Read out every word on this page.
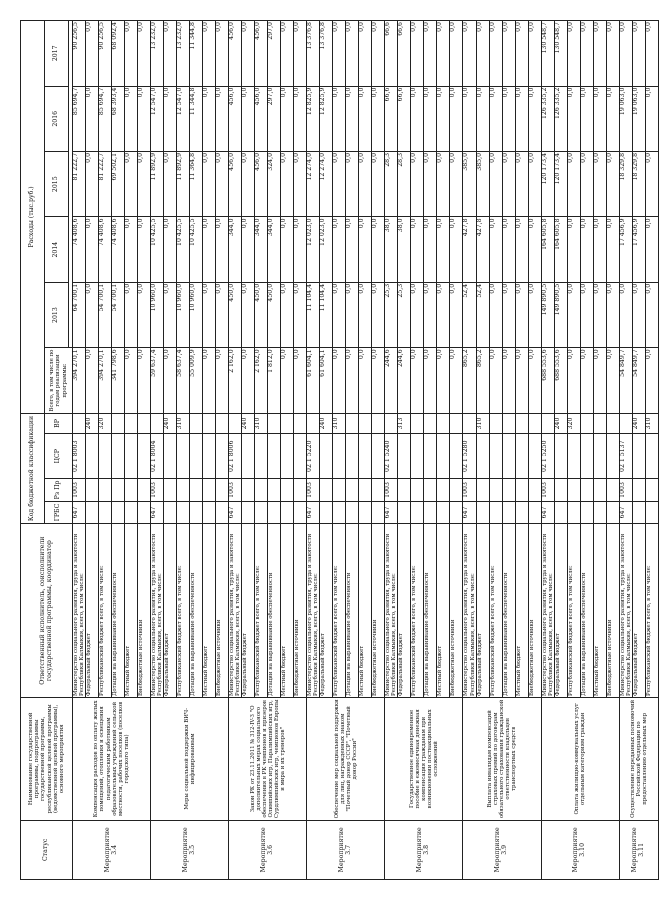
Статус	Наименование государственной программы, подпрограммы государственной программы, республиканской целевой программы (ведомственной целевой программы), основного мероприятия	Ответственный исполнитель, соисполнители государственной программы, координатор	Код бюджетной классификации				Расходы (тыс.руб.)					
			ГРБС	Рз Пр	ЦСР	ВР	Всего, в том числе по годам реализации программы:	2013	2014	2015	2016	2017

Мероприятие 3.4	Компенсация расходов по оплату жилых помещений, отопления и освещения педагогическим работникам образовательных учреждений сельской местности, рабочих поселков (поселков городского типа)	Министерство социального развития, труда и занятости Республики Калмыкия, всего, в том числе:	647	1003	02 1 8003		394 270,1	64 700,1	74 408,6	81 222,7	85 694,7	90 256,5
		Федеральный бюджет				240	0,0	0,0	0,0	0,0	0,0	0,0
		Республиканский бюджет всего, в том числе:				320	394 270,1	54 700,1	74 408,6	81 222,7	85 694,7	90 256,5
		Дотации на выравнивание обеспеченности					341 798,6	54 700,1	74 408,6	69 502,1	68 393,4	68 092,4
		Местный бюджет					0,0	0,0	0,0	0,0	0,0	0,0
		Внебюджетные источники					0,0	0,0	0,0	0,0	0,0	0,0
Мероприятие 3.5	Меры социальной поддержки ВИЧ-инфицированным	Министерство социального развития, труда и занятости Республики Калмыкия, всего, в том числе:	647	1003	02 1 8004		59 637,4	10 960,0	10 425,5	11 892,9	12 547,0	13 232,0
		Федеральный бюджет				240	0,0	0,0	0,0	0,0	0,0	0,0
		Республиканский бюджет всего, в том числе:				310	58 637,4	10 960,0	10 425,5	11 892,9	12 547,0	13 232,0
		Дотации на выравнивание обеспеченности					55 009,9	10 960,0	10 425,5	11 364,8	11 344,8	11 344,8
		Местный бюджет					0,0	0,0	0,0	0,0	0,0	0,0
		Внебюджетные источники					0,0	0,0	0,0	0,0	0,0	0,0
Мероприятие 3.6	Закон РК от 23.11.2011 № 312-IV-З "О дополнительных мерах социального обеспечения в РК чемпионов и призеров Олимпийских игр, Паралимпийских игр, Сурдлимпийских игр, чемпионов Европы и мира и их тренеров"	Министерство социального развития, труда и занятости Республики Калмыкия, всего, в том числе:	647	1003	02 1 8006		2 162,0	450,0	344,0	456,0	456,0	456,0
		Федеральный бюджет				240	0,0	0,0	0,0	0,0	0,0	0,0
		Республиканский бюджет всего, в том числе:				310	2 162,0	450,0	344,0	456,0	456,0	456,0
		Дотации на выравнивание обеспеченности					1 812,0	450,0	344,0	324,0	297,0	297,0
		Местный бюджет					0,0	0,0	0,0	0,0	0,0	0,0
		Внебюджетные источники					0,0	0,0	0,0	0,0	0,0	0,0
Мероприятие 3.7	Обеспечение мер социальной поддержки для лиц, награжденных знаком "Почетный донор СССР", "Почетный донор России"	Министерство социального развития, труда и занятости Республики Калмыкия, всего, в том числе:	647	1003	02 1 5220		61 604,1	11 104,4	12 023,0	12 274,0	12 825,9	13 376,8
		Федеральный бюджет				240	61 604,1	11 104,4	12 023,0	12 274,0	12 825,9	13 376,8
		Республиканский бюджет всего, в том числе:				310	0,0	0,0	0,0	0,0	0,0	0,0
		Дотации на выравнивание обеспеченности					0,0	0,0	0,0	0,0	0,0	0,0
		Местный бюджет					0,0	0,0	0,0	0,0	0,0	0,0
		Внебюджетные источники					0,0	0,0	0,0	0,0	0,0	0,0
Мероприятие 3.8	Государственное единовременное пособие и ежемесячная денежная компенсация гражданам при возникновении поствакцинальных осложнений	Министерство социального развития, труда и занятости Республики Калмыкия, всего, в том числе:	647	1003	02 1 5240		244,6	25,3	38,0	28,3	66,6	66,6
		Федеральный бюджет				313	244,6	25,3	38,0	28,3	66,6	66,6
		Республиканский бюджет всего, в том числе:					0,0	0,0	0,0	0,0	0,0	0,0
		Дотации на выравнивание обеспеченности					0,0	0,0	0,0	0,0	0,0	0,0
		Местный бюджет					0,0	0,0	0,0	0,0	0,0	0,0
		Внебюджетные источники					0,0	0,0	0,0	0,0	0,0	0,0
Мероприятие 3.9	Выплата инвалидам компенсаций страховых премий по договорам обязательного страхования гражданской ответственности владельцев транспортных средств	Министерство социального развития, труда и занятости Республики Калмыкия, всего, в том числе:	647	1003	02 1 5280		865,2	52,4	427,8	385,0	0,0	0,0
		Федеральный бюджет				310	865,2	52,4	427,8	385,0	0,0	0,0
		Республиканский бюджет всего, в том числе:					0,0	0,0	0,0	0,0	0,0	0,0
		Дотации на выравнивание обеспеченности					0,0	0,0	0,0	0,0	0,0	0,0
		Местный бюджет					0,0	0,0	0,0	0,0	0,0	0,0
		Внебюджетные источники					0,0	0,0	0,0	0,0	0,0	0,0
Мероприятие 3.10	Оплата жилищно-коммунальных услуг отдельным категориям граждан	Министерство социального развития, труда и занятости Республики Калмыкия, всего, в том числе:	647	1003	02 1 5250		688 553,6	149 890,5	164 605,8	120 173,4	126 335,2	130 548,7
		Федеральный бюджет				240	688 553,6	149 890,5	164 605,8	120 173,4	126 335,2	130 548,7
		Республиканский бюджет всего, в том числе:				320	0,0	0,0	0,0	0,0	0,0	0,0
		Дотации на выравнивание обеспеченности					0,0	0,0	0,0	0,0	0,0	0,0
		Местный бюджет					0,0	0,0	0,0	0,0	0,0	0,0
		Внебюджетные источники					0,0	0,0	0,0	0,0	0,0	0,0
Мероприятие 3.11	Осуществление переданных полномочий Российской Федерации по предоставлению отдельных мер	Министерство социального развития, труда и занятости Республики Калмыкия, всего, в том числе:	647	1003	02 1 5137		54 849,7	0,0	17 456,9	18 329,8	19 063,0	0,0
		Федеральный бюджет				240	54 849,7	0,0	17 456,9	18 329,8	19 063,0	0,0
		Республиканский бюджет всего, в том числе:				310	0,0	0,0	0,0	0,0	0,0	0,0
